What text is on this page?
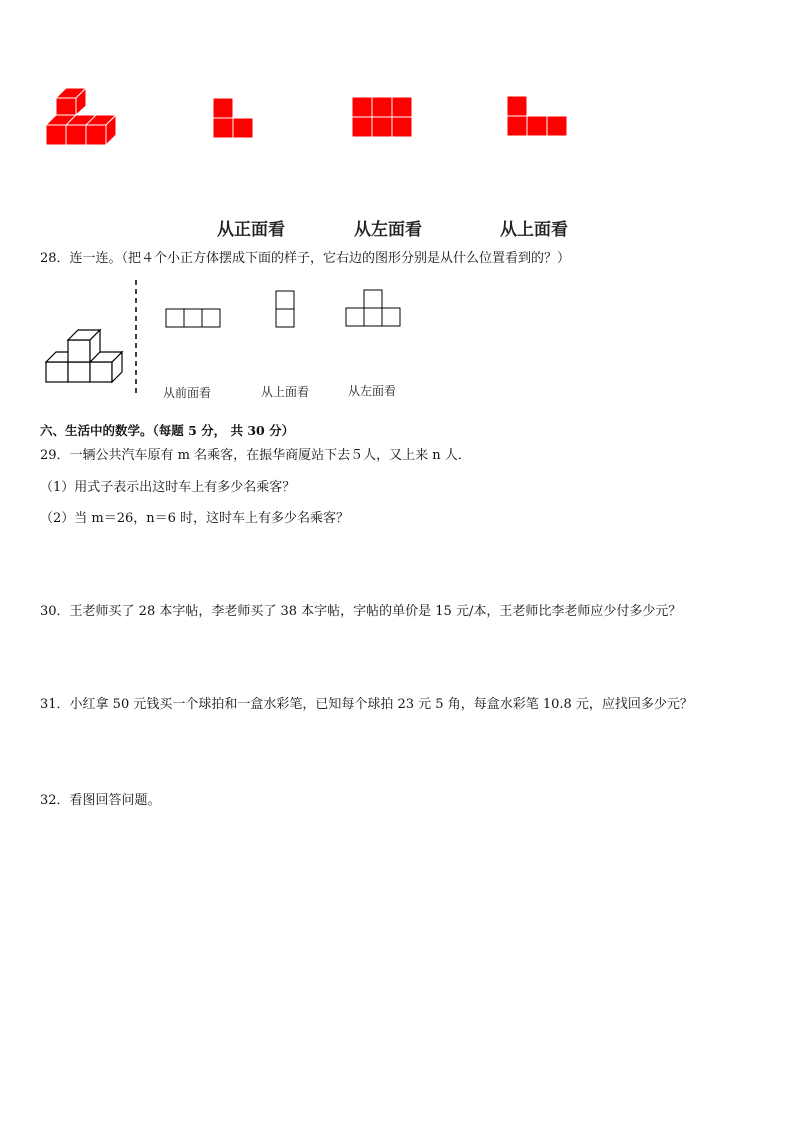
从正面看	从左面看	从上面看
28．连一连。（把４个小正方体摆成下面的样子，它右边的图形分别是从什么位置看到的？）
从前面看	从上面看	从左面看
六、生活中的数学。（每题 5 分， 共 30 分）
29．一辆公共汽车原有 m 名乘客，在振华商厦站下去５人，又上来 n 人．
（1）用式子表示出这时车上有多少名乘客？
（2）当 m＝26，n＝6 时，这时车上有多少名乘客？
30．王老师买了 28 本字帖，李老师买了 38 本字帖，字帖的单价是 15 元/本，王老师比李老师应少付多少元？
31．小红拿 50 元钱买一个球拍和一盒水彩笔，已知每个球拍 23 元 5 角，每盒水彩笔 10.8 元，应找回多少元？
32．看图回答问题。
